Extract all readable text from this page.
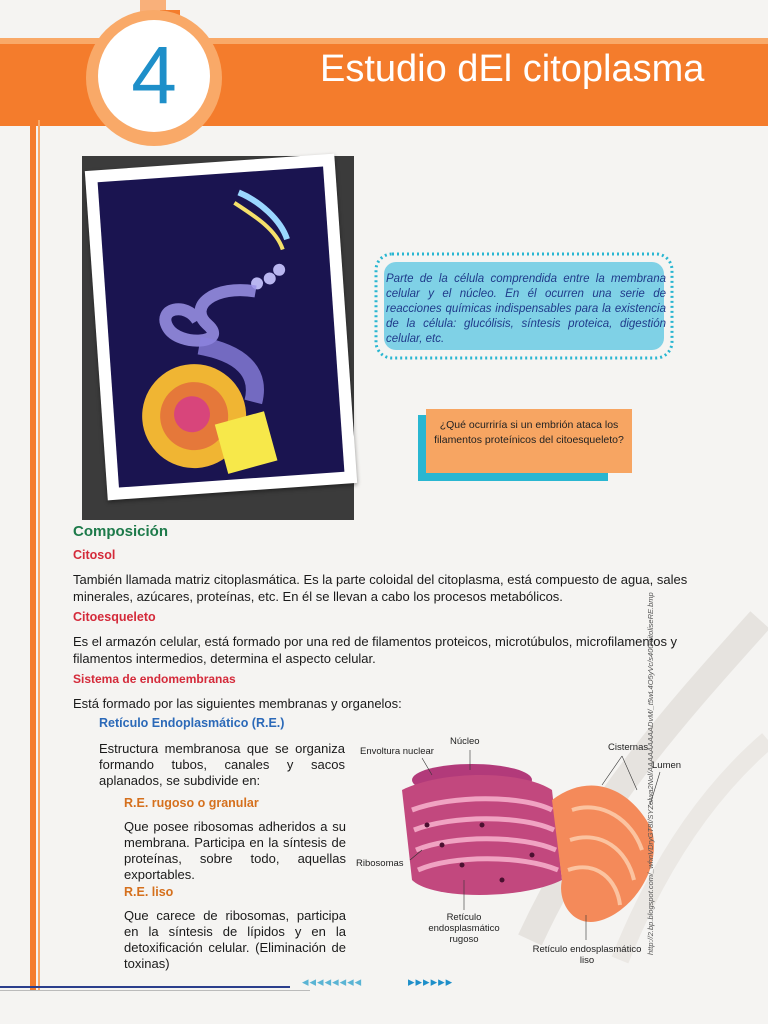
4	Estudio dEl citoplasma
Parte de la célula comprendida entre la membrana celular y el núcleo. En él ocurren una serie de reacciones químicas indispensables para la existencia de la célula: glucólisis, síntesis proteica, digestión celular, etc.
¿Qué ocurriría si un embrión ataca los filamentos proteínicos del citoesqueleto?
Composición
Citosol
También llamada matriz citoplasmática. Es la parte coloidal del citoplasma, está compuesto de agua, sales minerales, azúcares, proteínas, etc. En él se llevan a cabo los procesos metabólicos.
Citoesqueleto
Es el armazón celular, está formado por una red de filamentos proteicos, microtúbulos, microfilamentos y filamentos intermedios, determina el aspecto celular.
Sistema de endomembranas
Está formado por las siguientes membranas y organelos:
Retículo Endoplasmático (R.E.)
Estructura membranosa que se organiza formando tubos, canales y sacos aplanados, se subdivide en:
R.E. rugoso o granular
Que posee ribosomas adheridos a su membrana. Participa en la síntesis de proteínas, sobre todo, aquellas exportables.
R.E. liso
Que carece de ribosomas, participa en la síntesis de lípidos y en la detoxificación celular. (Eliminación de toxinas)
Núcleo
Envoltura nuclear	Cisternas
Lumen
Ribosomas
Retículo endosplasmático rugoso
Retículo endosplasmático liso
http://2.bp.blogspot.com/_whnVDryGT8I/SYZolwa2Nol/AAAAAAAAADvM/_t5wL4O5yVc/s400/citoliseRE.bmp
◂◂◂◂◂◂◂◂	▸▸▸▸▸▸
